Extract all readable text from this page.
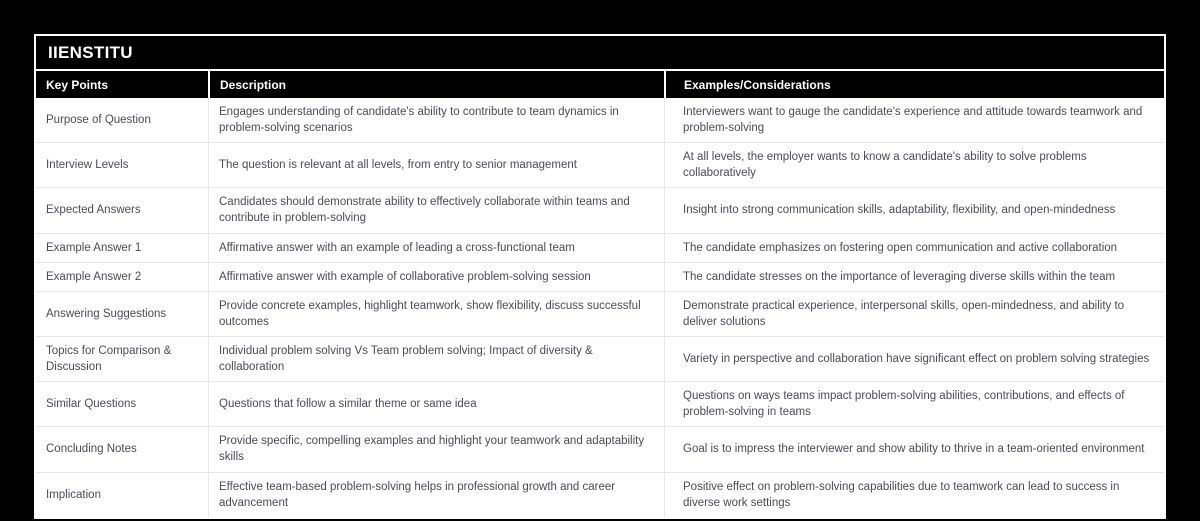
IIENSTITU
Key Points	Description	Examples/Considerations
Purpose of Question	Engages understanding of candidate's ability to contribute to team dynamics in problem-solving scenarios	Interviewers want to gauge the candidate's experience and attitude towards teamwork and problem-solving
Interview Levels	The question is relevant at all levels, from entry to senior management	At all levels, the employer wants to know a candidate's ability to solve problems collaboratively
Expected Answers	Candidates should demonstrate ability to effectively collaborate within teams and contribute in problem-solving	Insight into strong communication skills, adaptability, flexibility, and open-mindedness
Example Answer 1	Affirmative answer with an example of leading a cross-functional team	The candidate emphasizes on fostering open communication and active collaboration
Example Answer 2	Affirmative answer with example of collaborative problem-solving session	The candidate stresses on the importance of leveraging diverse skills within the team
Answering Suggestions	Provide concrete examples, highlight teamwork, show flexibility, discuss successful outcomes	Demonstrate practical experience, interpersonal skills, open-mindedness, and ability to deliver solutions
Topics for Comparison & Discussion	Individual problem solving Vs Team problem solving; Impact of diversity & collaboration	Variety in perspective and collaboration have significant effect on problem solving strategies
Similar Questions	Questions that follow a similar theme or same idea	Questions on ways teams impact problem-solving abilities, contributions, and effects of problem-solving in teams
Concluding Notes	Provide specific, compelling examples and highlight your teamwork and adaptability skills	Goal is to impress the interviewer and show ability to thrive in a team-oriented environment
Implication	Effective team-based problem-solving helps in professional growth and career advancement	Positive effect on problem-solving capabilities due to teamwork can lead to success in diverse work settings
